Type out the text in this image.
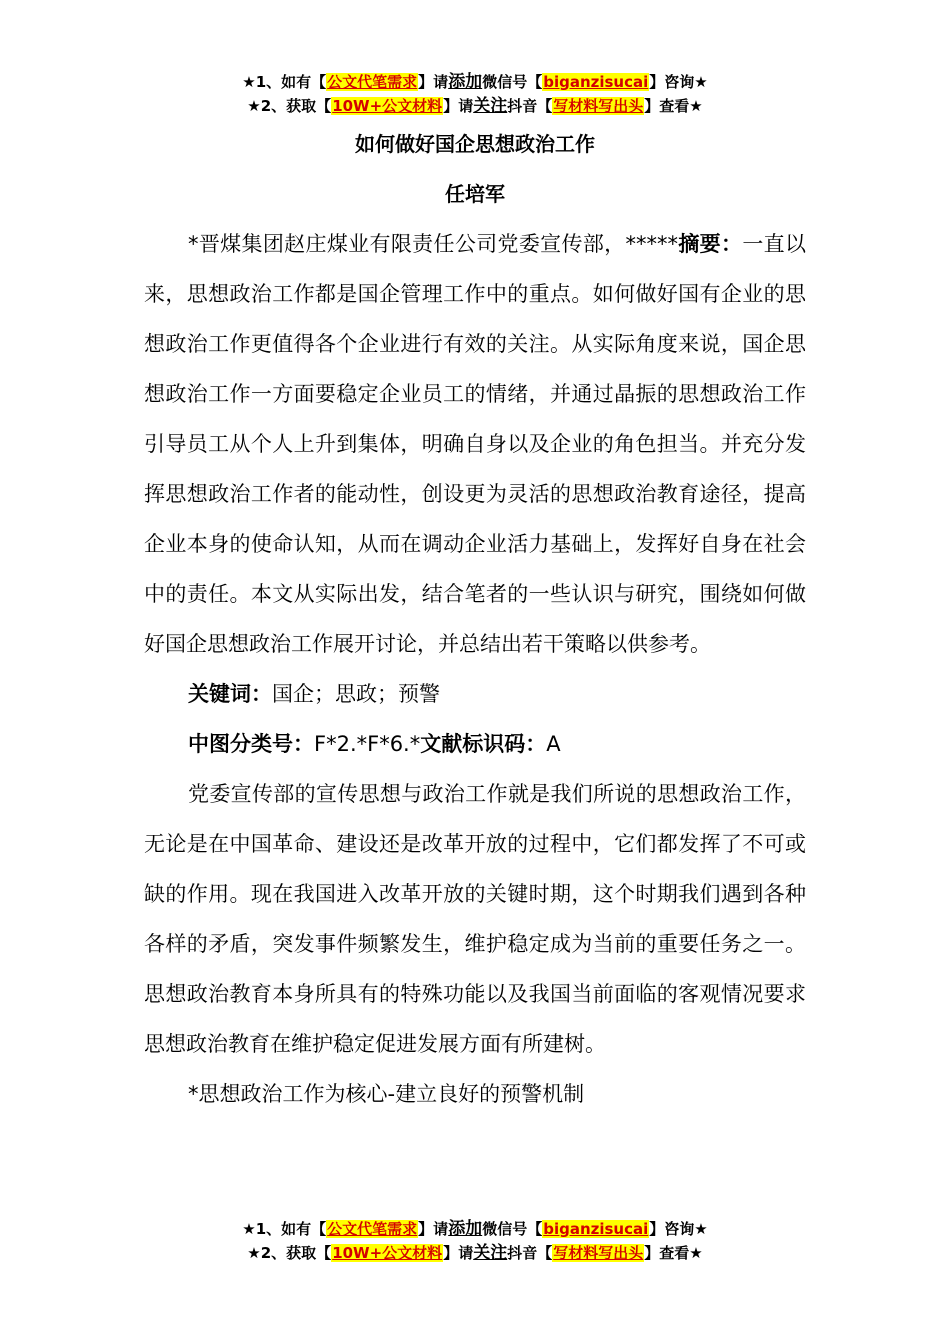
★1、如有【公文代笔需求】请添加微信号【biganzisucai】咨询★
★2、获取【10W+公文材料】请关注抖音【写材料写出头】查看★
如何做好国企思想政治工作
任培军

*晋煤集团赵庄煤业有限责任公司党委宣传部，*****摘要：一直以来，思想政治工作都是国企管理工作中的重点。如何做好国有企业的思想政治工作更值得各个企业进行有效的关注。从实际角度来说，国企思想政治工作一方面要稳定企业员工的情绪，并通过晶振的思想政治工作引导员工从个人上升到集体，明确自身以及企业的角色担当。并充分发挥思想政治工作者的能动性，创设更为灵活的思想政治教育途径，提高企业本身的使命认知，从而在调动企业活力基础上，发挥好自身在社会中的责任。本文从实际出发，结合笔者的一些认识与研究，围绕如何做好国企思想政治工作展开讨论，并总结出若干策略以供参考。

关键词：国企；思政；预警

中图分类号：F*2.*F*6.*文献标识码：A

党委宣传部的宣传思想与政治工作就是我们所说的思想政治工作，无论是在中国革命、建设还是改革开放的过程中，它们都发挥了不可或缺的作用。现在我国进入改革开放的关键时期，这个时期我们遇到各种各样的矛盾，突发事件频繁发生，维护稳定成为当前的重要任务之一。思想政治教育本身所具有的特殊功能以及我国当前面临的客观情况要求思想政治教育在维护稳定促进发展方面有所建树。

*思想政治工作为核心-建立良好的预警机制

★1、如有【公文代笔需求】请添加微信号【biganzisucai】咨询★
★2、获取【10W+公文材料】请关注抖音【写材料写出头】查看★
